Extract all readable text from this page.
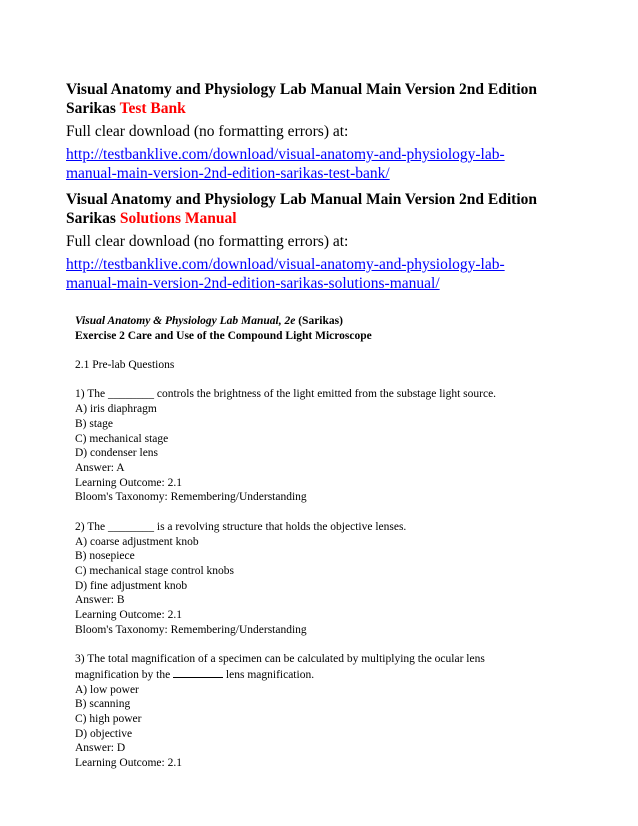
Visual Anatomy and Physiology Lab Manual Main Version 2nd Edition
Sarikas Test Bank
Full clear download (no formatting errors) at:
http://testbanklive.com/download/visual-anatomy-and-physiology-lab-
manual-main-version-2nd-edition-sarikas-test-bank/
Visual Anatomy and Physiology Lab Manual Main Version 2nd Edition
Sarikas Solutions Manual
Full clear download (no formatting errors) at:
http://testbanklive.com/download/visual-anatomy-and-physiology-lab-
manual-main-version-2nd-edition-sarikas-solutions-manual/
Visual Anatomy & Physiology Lab Manual, 2e (Sarikas)
Exercise 2 Care and Use of the Compound Light Microscope
2.1 Pre-lab Questions
1) The ________ controls the brightness of the light emitted from the substage light source.
A) iris diaphragm
B) stage
C) mechanical stage
D) condenser lens
Answer: A
Learning Outcome: 2.1
Bloom's Taxonomy: Remembering/Understanding
2) The ________ is a revolving structure that holds the objective lenses.
A) coarse adjustment knob
B) nosepiece
C) mechanical stage control knobs
D) fine adjustment knob
Answer: B
Learning Outcome: 2.1
Bloom's Taxonomy: Remembering/Understanding
3) The total magnification of a specimen can be calculated by multiplying the ocular lens
magnification by the	lens magnification.
A) low power
B) scanning
C) high power
D) objective
Answer: D
Learning Outcome: 2.1
